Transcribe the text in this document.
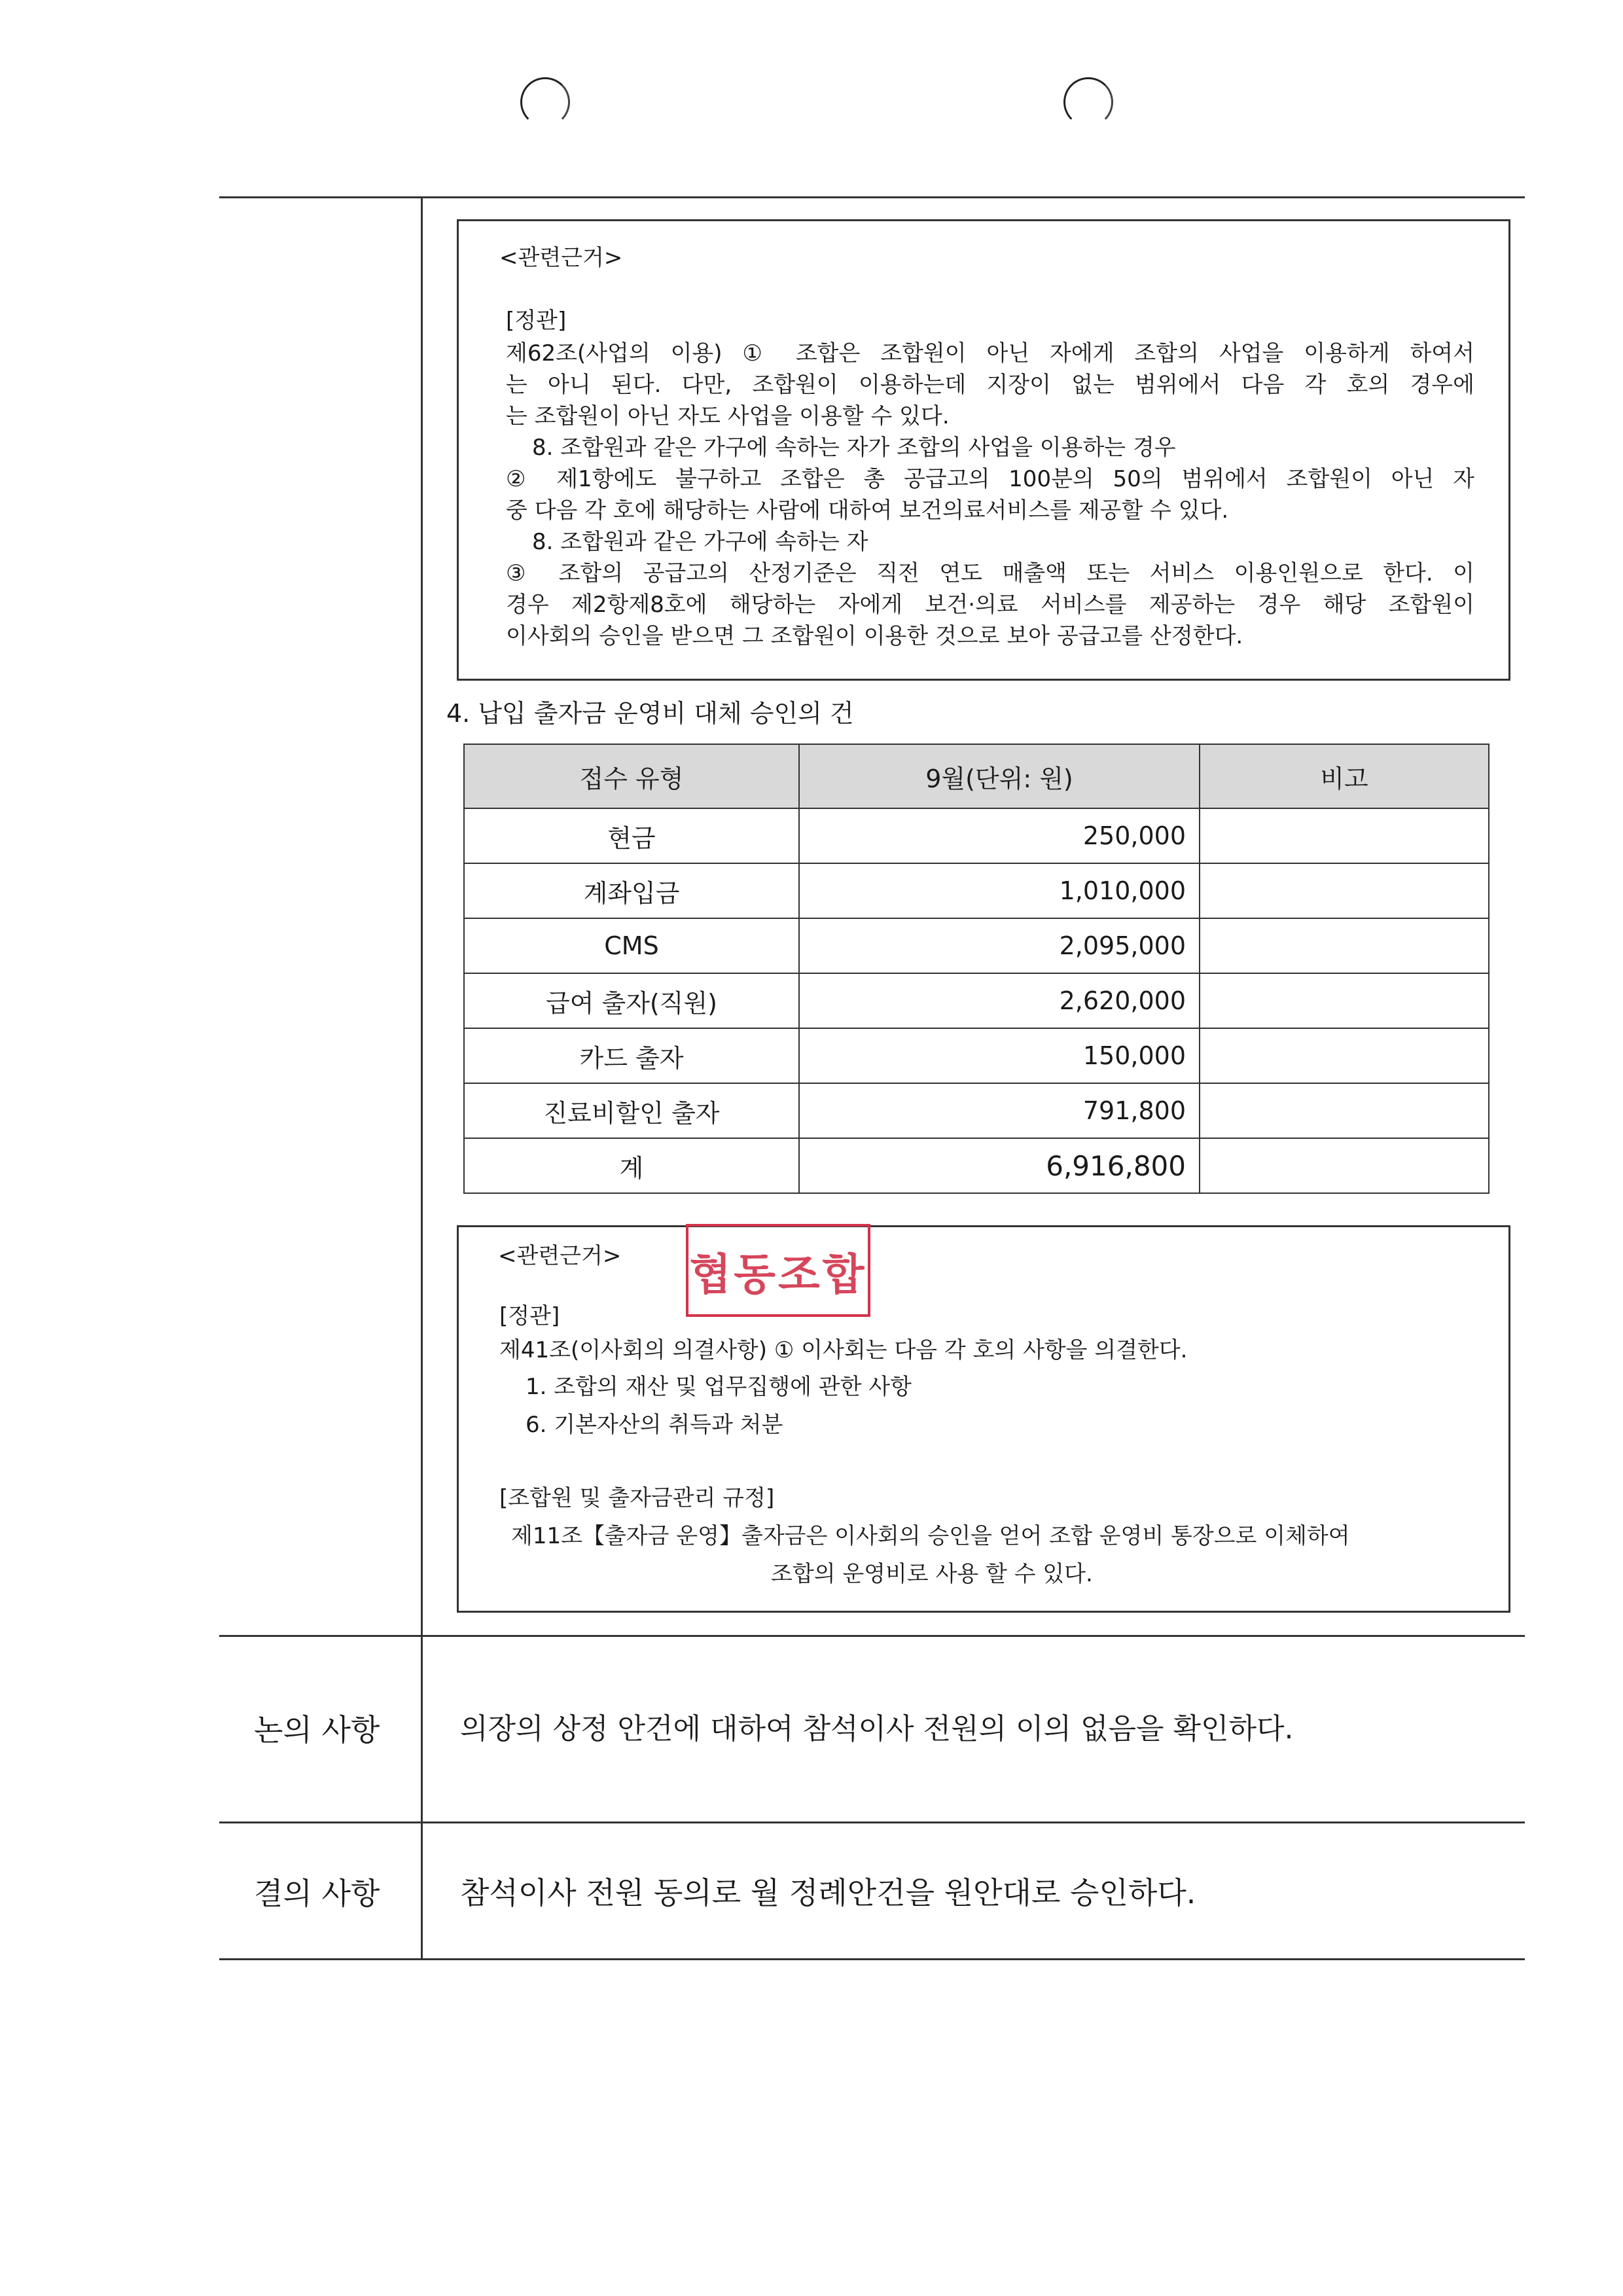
<관련근거>
[정관]
제62조(사업의 이용) ① 조합은 조합원이 아닌 자에게 조합의 사업을 이용하게 하여서
는 아니 된다. 다만, 조합원이 이용하는데 지장이 없는 범위에서 다음 각 호의 경우에
는 조합원이 아닌 자도 사업을 이용할 수 있다.
8. 조합원과 같은 가구에 속하는 자가 조합의 사업을 이용하는 경우
② 제1항에도 불구하고 조합은 총 공급고의 100분의 50의 범위에서 조합원이 아닌 자
중 다음 각 호에 해당하는 사람에 대하여 보건의료서비스를 제공할 수 있다.
8. 조합원과 같은 가구에 속하는 자
③ 조합의 공급고의 산정기준은 직전 연도 매출액 또는 서비스 이용인원으로 한다. 이
경우 제2항제8호에 해당하는 자에게 보건·의료 서비스를 제공하는 경우 해당 조합원이
이사회의 승인을 받으면 그 조합원이 이용한 것으로 보아 공급고를 산정한다.
4. 납입 출자금 운영비 대체 승인의 건
접수 유형	9월(단위: 원)	비고
현금	250,000	
계좌입금	1,010,000	
CMS	2,095,000	
급여 출자(직원)	2,620,000	
카드 출자	150,000	
진료비할인 출자	791,800	
계	6,916,800	
<관련근거>
[정관]
제41조(이사회의 의결사항) ① 이사회는 다음 각 호의 사항을 의결한다.
1. 조합의 재산 및 업무집행에 관한 사항
6. 기본자산의 취득과 처분
[조합원 및 출자금관리 규정]
제11조【출자금 운영】출자금은 이사회의 승인을 얻어 조합 운영비 통장으로 이체하여
조합의 운영비로 사용 할 수 있다.
협동조합
논의 사항	의장의 상정 안건에 대하여 참석이사 전원의 이의 없음을 확인하다.
결의 사항	참석이사 전원 동의로 월 정례안건을 원안대로 승인하다.
